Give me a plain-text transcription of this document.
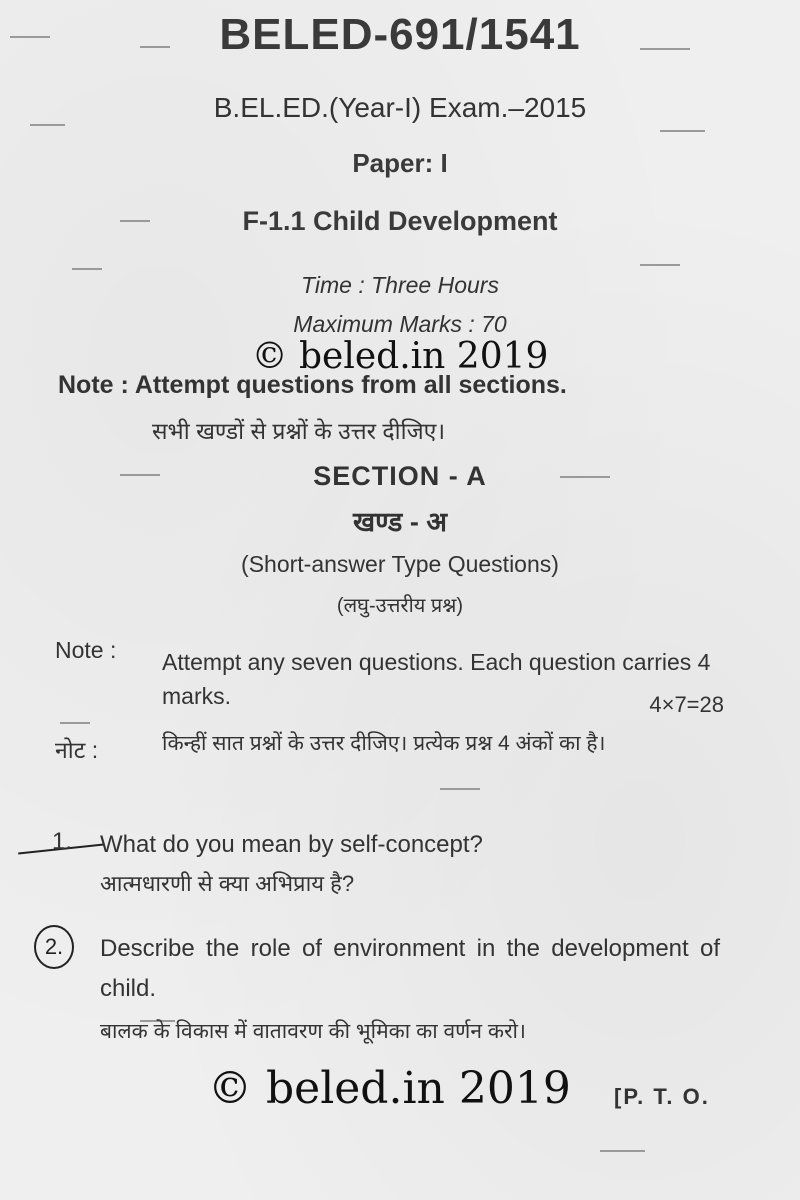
BELED-691/1541
B.EL.ED.(Year-I) Exam.–2015
Paper: I
F-1.1 Child Development
Time : Three Hours
Maximum Marks : 70
© beled.in 2019
Note : Attempt questions from all sections.
सभी खण्डों से प्रश्नों के उत्तर दीजिए।
SECTION - A
खण्ड - अ
(Short-answer Type Questions)
(लघु-उत्तरीय प्रश्न)
Note : Attempt any seven questions. Each question carries 4 marks.	4×7=28
नोट :	किन्हीं सात प्रश्नों के उत्तर दीजिए। प्रत्येक प्रश्न 4 अंकों का है।
1. What do you mean by self-concept?
आत्मधारणी से क्या अभिप्राय है?
2.	Describe the role of environment in the development of child.
बालक के विकास में वातावरण की भूमिका का वर्णन करो।
© beled.in 2019 [P. T. O.
